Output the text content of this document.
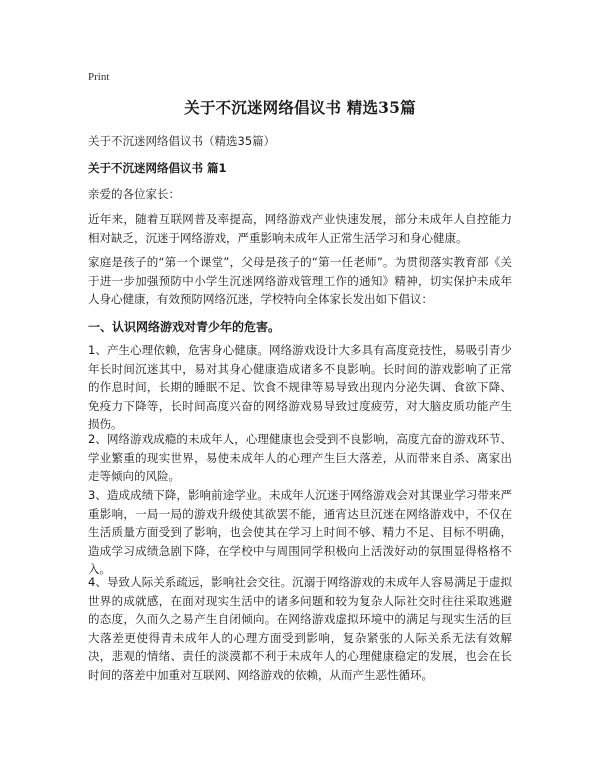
Print
关于不沉迷网络倡议书 精选35篇
关于不沉迷网络倡议书（精选35篇）
关于不沉迷网络倡议书 篇1
亲爱的各位家长：

近年来，随着互联网普及率提高，网络游戏产业快速发展，部分未成年人自控能力相对缺乏，沉迷于网络游戏，严重影响未成年人正常生活学习和身心健康。

家庭是孩子的“第一个课堂”，父母是孩子的“第一任老师”。为贯彻落实教育部《关于进一步加强预防中小学生沉迷网络游戏管理工作的通知》精神，切实保护未成年人身心健康，有效预防网络沉迷，学校特向全体家长发出如下倡议：

一、认识网络游戏对青少年的危害。

1、产生心理依赖，危害身心健康。网络游戏设计大多具有高度竞技性，易吸引青少年长时间沉迷其中，易对其身心健康造成诸多不良影响。长时间的游戏影响了正常的作息时间，长期的睡眠不足、饮食不规律等易导致出现内分泌失调、食欲下降、免疫力下降等，长时间高度兴奋的网络游戏易导致过度疲劳，对大脑皮质功能产生损伤。

2、网络游戏成瘾的未成年人，心理健康也会受到不良影响，高度亢奋的游戏环节、学业繁重的现实世界，易使未成年人的心理产生巨大落差，从而带来自杀、离家出走等倾向的风险。

3、造成成绩下降，影响前途学业。未成年人沉迷于网络游戏会对其课业学习带来严重影响，一局一局的游戏升级使其欲罢不能，通宵达旦沉迷在网络游戏中，不仅在生活质量方面受到了影响，也会使其在学习上时间不够、精力不足、目标不明确，造成学习成绩急剧下降，在学校中与周围同学积极向上活泼好动的氛围显得格格不入。

4、导致人际关系疏远，影响社会交往。沉溺于网络游戏的未成年人容易满足于虚拟世界的成就感，在面对现实生活中的诸多问题和较为复杂人际社交时往往采取逃避的态度，久而久之易产生自闭倾向。在网络游戏虚拟环境中的满足与现实生活的巨大落差更使得青未成年人的心理方面受到影响，复杂紧张的人际关系无法有效解决，悲观的情绪、责任的淡漠都不利于未成年人的心理健康稳定的发展，也会在长时间的落差中加重对互联网、网络游戏的依赖，从而产生恶性循环。
